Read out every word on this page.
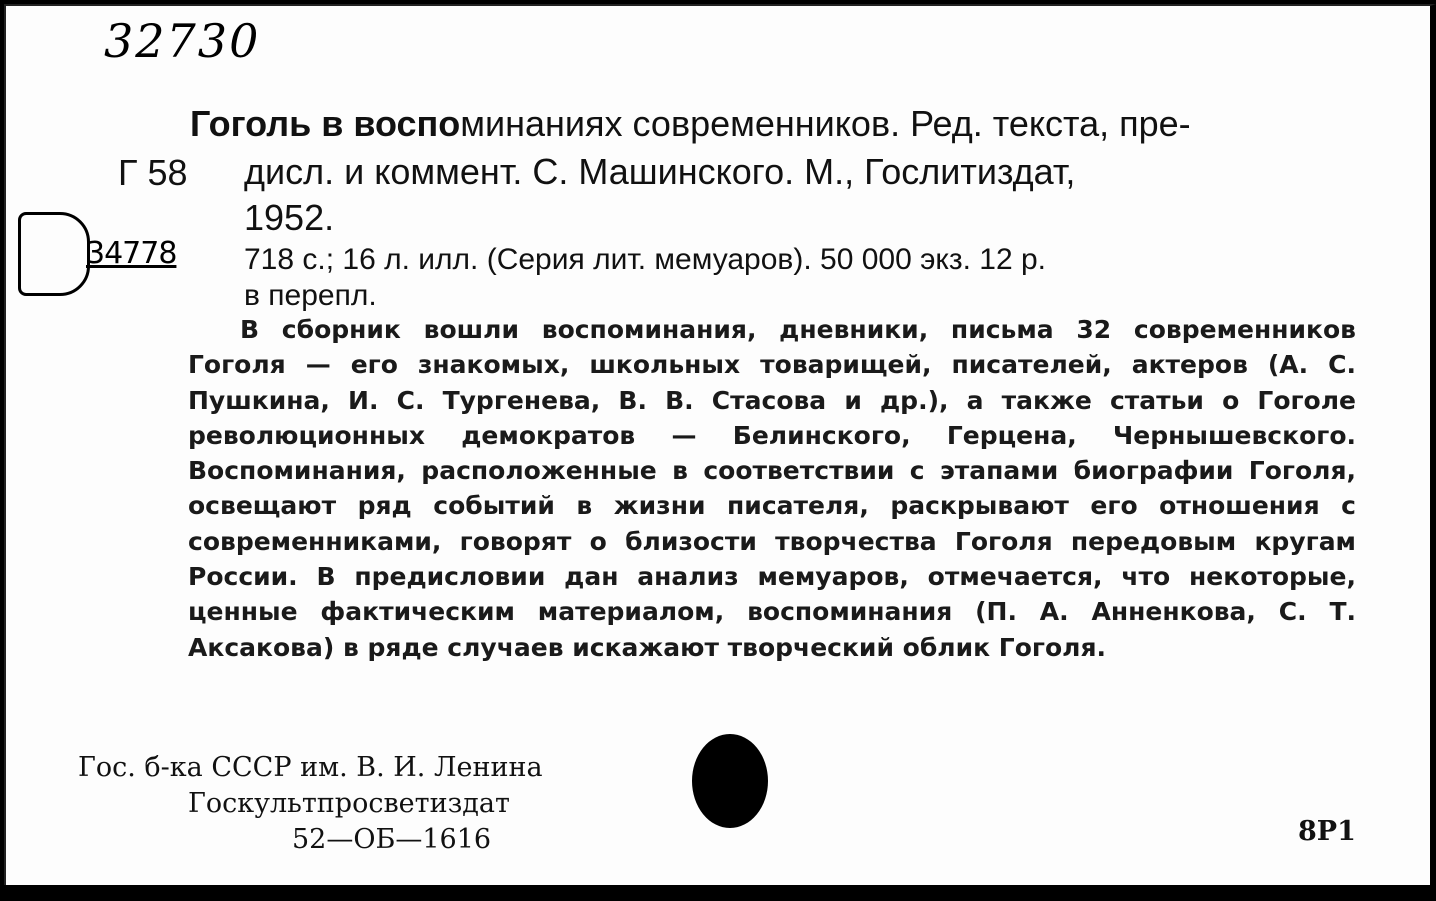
32730
Г 58
34778
Гоголь в воспоминаниях современников. Ред. текста, пре-
дисл. и коммент. С. Машинского. М., Гослитиздат,
1952.
718 с.; 16 л. илл. (Серия лит. мемуаров). 50 000 экз. 12 р.
в перепл.

В сборник вошли воспоминания, дневники, письма 32 современников Гоголя — его знакомых, школьных товарищей, писателей, актеров (А. С. Пушкина, И. С. Тургенева, В. В. Стасова и др.), а также статьи о Гоголе революционных демократов — Белинского, Герцена, Чернышевского. Воспоминания, расположенные в соответствии с этапами биографии Гоголя, освещают ряд событий в жизни писателя, раскрывают его отношения с современниками, говорят о близости творчества Гоголя передовым кругам России. В предисловии дан анализ мемуаров, отмечается, что некоторые, ценные фактическим материалом, воспоминания (П. А. Анненкова, С. Т. Аксакова) в ряде случаев искажают творческий облик Гоголя.

Гос. б-ка СССР им. В. И. Ленина
Госкультпросветиздат
52—ОБ—1616	8P1
